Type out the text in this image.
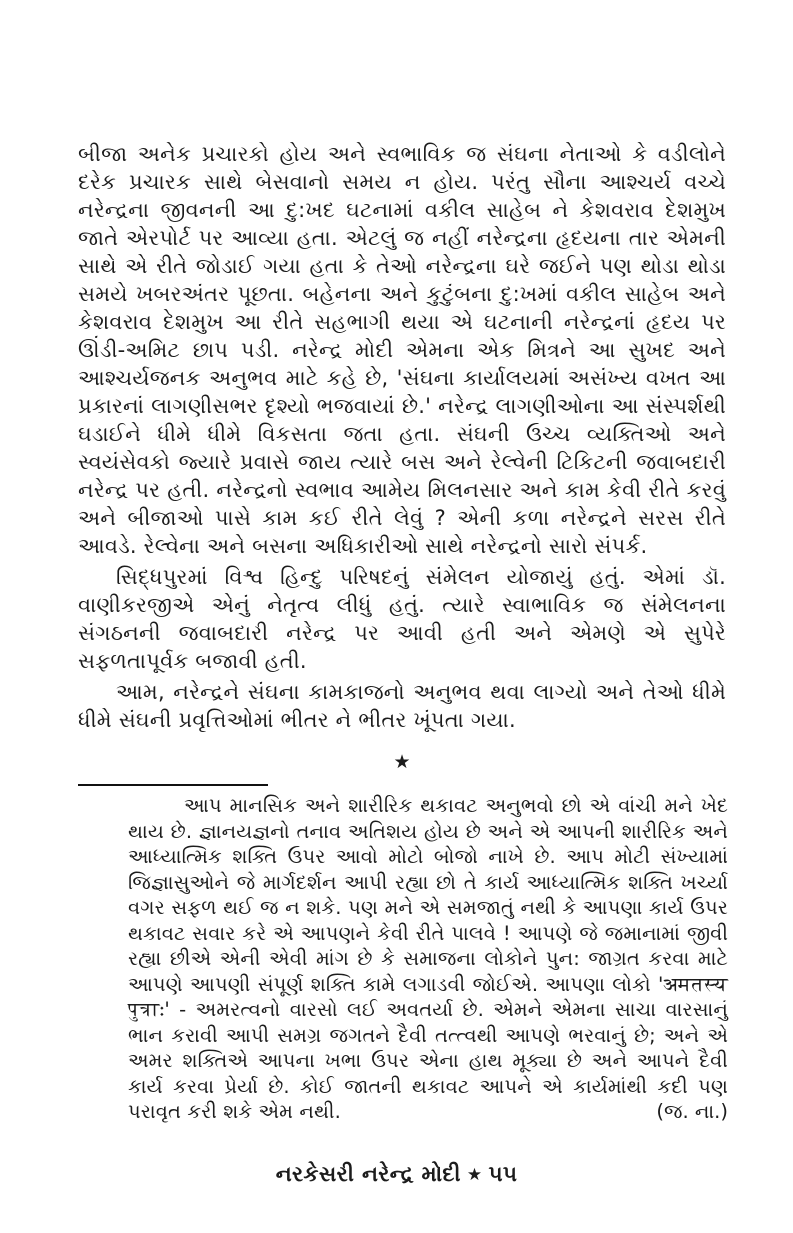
બીજા અનેક પ્રચારકો હોય અને સ્વભાવિક જ સંઘના નેતાઓ કે વડીલોને દરેક પ્રચારક સાથે બેસવાનો સમય ન હોય. પરંતુ સૌના આશ્ચર્ય વચ્ચે નરેન્દ્રના જીવનની આ દુ:ખદ ઘટનામાં વકીલ સાહેબ ને કેશવરાવ દેશમુખ જાતે એરપોર્ટ પર આવ્યા હતા. એટલું જ નહીં નરેન્દ્રના હૃદયના તાર એમની સાથે એ રીતે જોડાઈ ગયા હતા કે તેઓ નરેન્દ્રના ઘરે જઈને પણ થોડા થોડા સમયે ખબરઅંતર પૂછતા. બહેનના અને કુટુંબના દુ:ખમાં વકીલ સાહેબ અને કેશવરાવ દેશમુખ આ રીતે સહભાગી થયા એ ઘટનાની નરેન્દ્રનાં હૃદય પર ઊંડી-અમિટ છાપ પડી. નરેન્દ્ર મોદી એમના એક મિત્રને આ સુખદ અને આશ્ચર્યજનક અનુભવ માટે કહે છે, 'સંઘના કાર્યાલયમાં અસંખ્ય વખત આ પ્રકારનાં લાગણીસભર દૃશ્યો ભજવાયાં છે.' નરેન્દ્ર લાગણીઓના આ સંસ્પર્શથી ઘડાઈને ધીમે ધીમે વિકસતા જતા હતા. સંઘની ઉચ્ચ વ્યક્તિઓ અને સ્વયંસેવકો જ્યારે પ્રવાસે જાય ત્યારે બસ અને રેલ્વેની ટિકિટની જવાબદારી નરેન્દ્ર પર હતી. નરેન્દ્રનો સ્વભાવ આમેય મિલનસાર અને કામ કેવી રીતે કરવું અને બીજાઓ પાસે કામ કઈ રીતે લેવું ? એની કળા નરેન્દ્રને સરસ રીતે આવડે. રેલ્વેના અને બસના અધિકારીઓ સાથે નરેન્દ્રનો સારો સંપર્ક.

સિદ્ધપુરમાં વિશ્વ હિન્દુ પરિષદનું સંમેલન યોજાયું હતું. એમાં ડૉ. વાણીકરજીએ એનું નેતૃત્વ લીધું હતું. ત્યારે સ્વાભાવિક જ સંમેલનના સંગઠનની જવાબદારી નરેન્દ્ર પર આવી હતી અને એમણે એ સુપેરે સફળતાપૂર્વક બજાવી હતી.

આમ, નરેન્દ્રને સંઘના કામકાજનો અનુભવ થવા લાગ્યો અને તેઓ ધીમે ધીમે સંઘની પ્રવૃત્તિઓમાં ભીતર ને ભીતર ખૂંપતા ગયા.

★
આપ માનસિક અને શારીરિક થકાવટ અનુભવો છો એ વાંચી મને ખેદ થાય છે. જ્ઞાનયજ્ઞનો તનાવ અતિશય હોય છે અને એ આપની શારીરિક અને આધ્યાત્મિક શક્તિ ઉપર આવો મોટો બોજો નાખે છે. આપ મોટી સંખ્યામાં જિજ્ઞાસુઓને જે માર્ગદર્શન આપી રહ્યા છો તે કાર્ય આધ્યાત્મિક શક્તિ ખર્ચ્યા વગર સફળ થઈ જ ન શકે. પણ મને એ સમજાતું નથી કે આપણા કાર્ય ઉપર થકાવટ સવાર કરે એ આપણને કેવી રીતે પાલવે ! આપણે જે જમાનામાં જીવી રહ્યા છીએ એની એવી માંગ છે કે સમાજના લોકોને પુન: જાગ્રત કરવા માટે આપણે આપણી સંપૂર્ણ શક્તિ કામે લગાડવી જોઈએ. આપણા લોકો 'अमतस्य पुत्राः' - અમરત્વનો વારસો લઈ અવતર્યા છે. એમને એમના સાચા વારસાનું ભાન કરાવી આપી સમગ્ર જગતને દૈવી તત્ત્વથી આપણે ભરવાનું છે; અને એ અમર શક્તિએ આપના ખભા ઉપર એના હાથ મૂક્યા છે અને આપને દૈવી કાર્ય કરવા પ્રેર્યા છે. કોઈ જાતની થકાવટ આપને એ કાર્યમાંથી કદી પણ પરાવૃત કરી શકે એમ નથી.	(જ. ના.)
નરકેસરી નરેન્દ્ર મોદી ★ ૫૫
